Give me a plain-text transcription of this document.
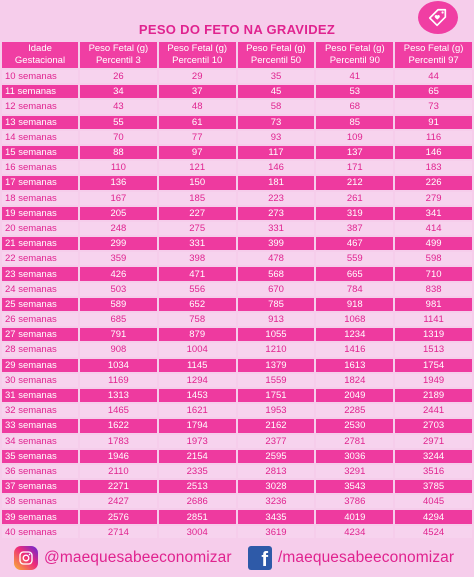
PESO DO FETO NA GRAVIDEZ
Idade Gestacional	Peso Fetal (g) Percentil 3	Peso Fetal (g) Percentil 10	Peso Fetal (g) Percentil 50	Peso Fetal (g) Percentil 90	Peso Fetal (g) Percentil 97
10 semanas	26	29	35	41	44
11 semanas	34	37	45	53	65
12 semanas	43	48	58	68	73
13 semanas	55	61	73	85	91
14 semanas	70	77	93	109	116
15 semanas	88	97	117	137	146
16 semanas	110	121	146	171	183
17 semanas	136	150	181	212	226
18 semanas	167	185	223	261	279
19 semanas	205	227	273	319	341
20 semanas	248	275	331	387	414
21 semanas	299	331	399	467	499
22 semanas	359	398	478	559	598
23 semanas	426	471	568	665	710
24 semanas	503	556	670	784	838
25 semanas	589	652	785	918	981
26 semanas	685	758	913	1068	1141
27 semanas	791	879	1055	1234	1319
28 semanas	908	1004	1210	1416	1513
29 semanas	1034	1145	1379	1613	1754
30 semanas	1169	1294	1559	1824	1949
31 semanas	1313	1453	1751	2049	2189
32 semanas	1465	1621	1953	2285	2441
33 semanas	1622	1794	2162	2530	2703
34 semanas	1783	1973	2377	2781	2971
35 semanas	1946	2154	2595	3036	3244
36 semanas	2110	2335	2813	3291	3516
37 semanas	2271	2513	3028	3543	3785
38 semanas	2427	2686	3236	3786	4045
39 semanas	2576	2851	3435	4019	4294
40 semanas	2714	3004	3619	4234	4524
@maequesabeeconomizar f /maequesabeeconomizar
